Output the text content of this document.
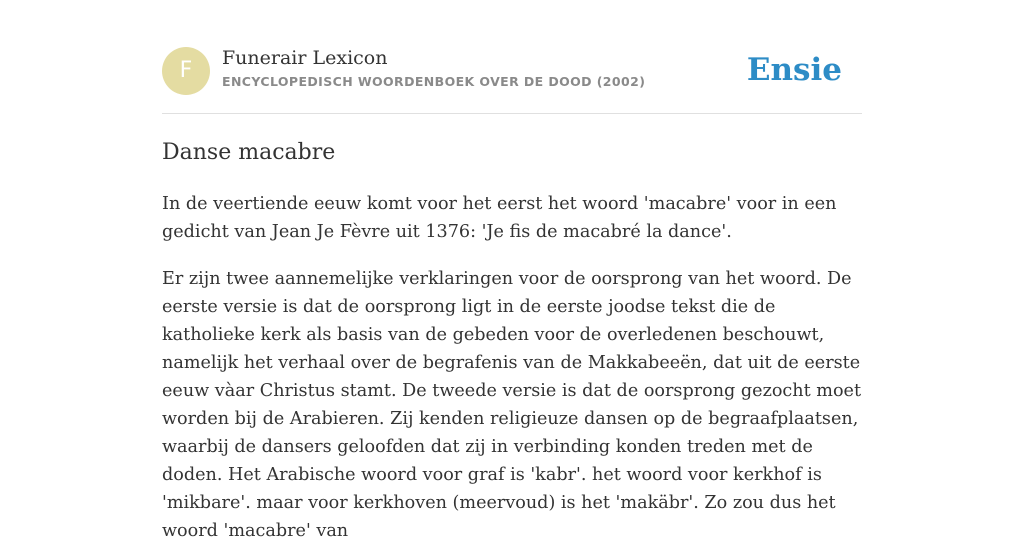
F	Funerair Lexicon
ENCYCLOPEDISCH WOORDENBOEK OVER DE DOOD (2002)	Ensie
Danse macabre

In de veertiende eeuw komt voor het eerst het woord 'macabre' voor in een gedicht van Jean Je Fèvre uit 1376: 'Je fis de macabré la dance'.

Er zijn twee aannemelijke verklaringen voor de oorsprong van het woord. De eerste versie is dat de oorsprong ligt in de eerste joodse tekst die de katholieke kerk als basis van de gebeden voor de overledenen beschouwt, namelijk het verhaal over de begrafenis van de Makkabeeën, dat uit de eerste eeuw vàar Christus stamt. De tweede versie is dat de oorsprong gezocht moet worden bij de Arabieren. Zij kenden religieuze dansen op de begraafplaatsen, waarbij de dansers geloofden dat zij in verbinding konden treden met de doden. Het Arabische woord voor graf is 'kabr'. het woord voor kerkhof is 'mikbare'. maar voor kerkhoven (meervoud) is het 'makäbr'. Zo zou dus het woord 'macabre' van
